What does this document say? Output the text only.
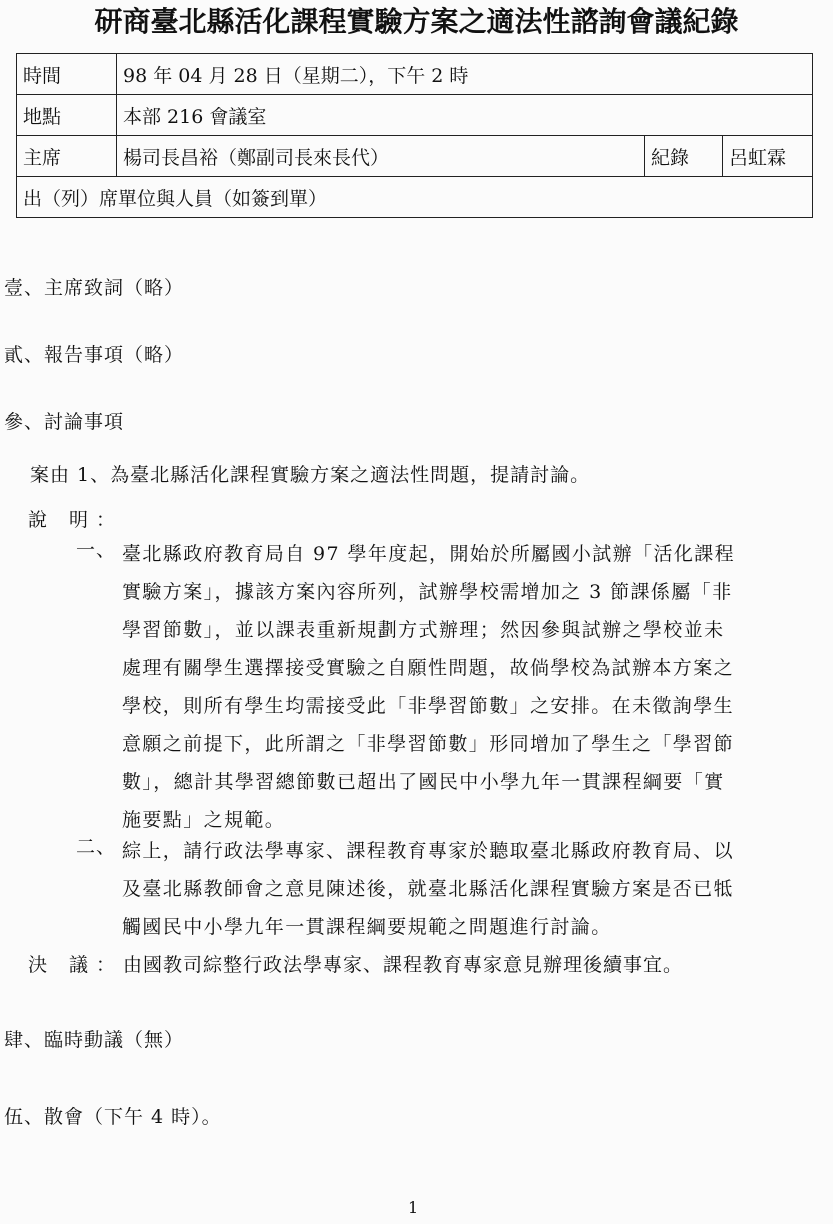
研商臺北縣活化課程實驗方案之適法性諮詢會議紀錄
時間	98 年 04 月 28 日（星期二），下午 2 時		
地點	本部 216 會議室		
主席	楊司長昌裕（鄭副司長來長代）	紀錄	呂虹霖
出（列）席單位與人員（如簽到單）			
壹、主席致詞（略）
貳、報告事項（略）
參、討論事項
案由 1、為臺北縣活化課程實驗方案之適法性問題，提請討論。
說 明：
一、 臺北縣政府教育局自 97 學年度起，開始於所屬國小試辦「活化課程
實驗方案」，據該方案內容所列，試辦學校需增加之 3 節課係屬「非
學習節數」，並以課表重新規劃方式辦理；然因參與試辦之學校並未
處理有關學生選擇接受實驗之自願性問題，故倘學校為試辦本方案之
學校，則所有學生均需接受此「非學習節數」之安排。在未徵詢學生
意願之前提下，此所謂之「非學習節數」形同增加了學生之「學習節
數」，總計其學習總節數已超出了國民中小學九年一貫課程綱要「實
施要點」之規範。
二、 綜上，請行政法學專家、課程教育專家於聽取臺北縣政府教育局、以
及臺北縣教師會之意見陳述後，就臺北縣活化課程實驗方案是否已牴
觸國民中小學九年一貫課程綱要規範之問題進行討論。
決 議：由國教司綜整行政法學專家、課程教育專家意見辦理後續事宜。
肆、臨時動議（無）
伍、散會（下午 4 時）。
1
